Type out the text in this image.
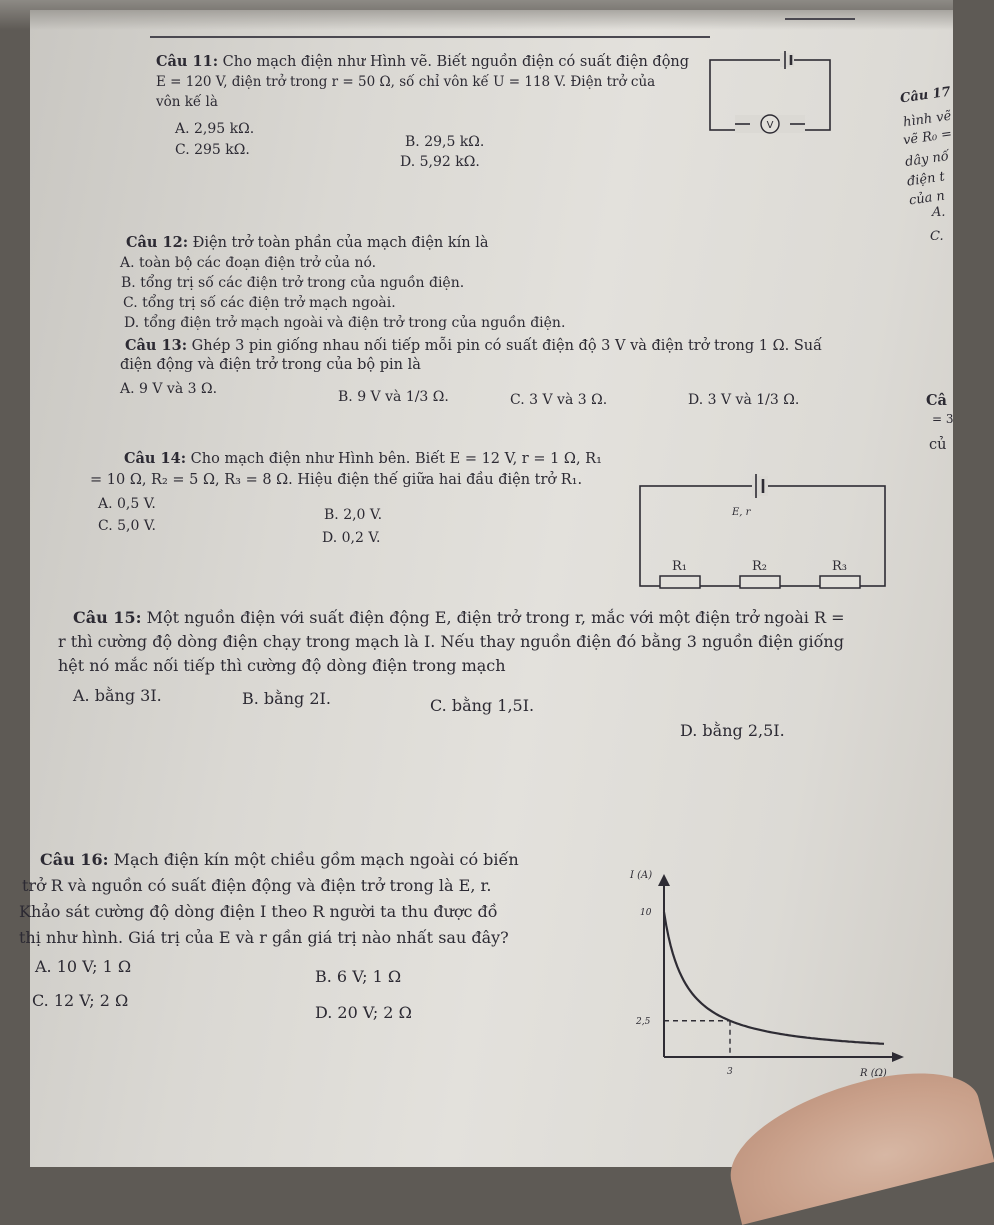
Câu 11: Cho mạch điện như Hình vẽ. Biết nguồn điện có suất điện động
E = 120 V, điện trở trong r = 50 Ω, số chỉ vôn kế U = 118 V. Điện trở của
vôn kế là
A. 2,95 kΩ.
B. 29,5 kΩ.
C. 295 kΩ.
D. 5,92 kΩ.
V
Câu 12: Điện trở toàn phần của mạch điện kín là
A. toàn bộ các đoạn điện trở của nó.
B. tổng trị số các điện trở trong của nguồn điện.
C. tổng trị số các điện trở mạch ngoài.
D. tổng điện trở mạch ngoài và điện trở trong của nguồn điện.
Câu 13: Ghép 3 pin giống nhau nối tiếp mỗi pin có suất điện độ 3 V và điện trở trong 1 Ω. Suấ
điện động và điện trở trong của bộ pin là
A. 9 V và 3 Ω.	B. 9 V và 1/3 Ω.	C. 3 V và 3 Ω.	D. 3 V và 1/3 Ω.
Câu 14: Cho mạch điện như Hình bên. Biết E = 12 V, r = 1 Ω, R₁
= 10 Ω, R₂ = 5 Ω, R₃ = 8 Ω. Hiệu điện thế giữa hai đầu điện trở R₁.
A. 0,5 V.
B. 2,0 V.
C. 5,0 V.
D. 0,2 V.
E, r
R₁	R₂	R₃
Câu 15: Một nguồn điện với suất điện động E, điện trở trong r, mắc với một điện trở ngoài R =
r thì cường độ dòng điện chạy trong mạch là I. Nếu thay nguồn điện đó bằng 3 nguồn điện giống
hệt nó mắc nối tiếp thì cường độ dòng điện trong mạch
A. bằng 3I.	B. bằng 2I.	C. bằng 1,5I.
D. bằng 2,5I.
Câu 16: Mạch điện kín một chiều gồm mạch ngoài có biến
trở R và nguồn có suất điện động và điện trở trong là E, r.
Khảo sát cường độ dòng điện I theo R người ta thu được đồ
thị như hình. Giá trị của E và r gần giá trị nào nhất sau đây?
A. 10 V; 1 Ω
B. 6 V; 1 Ω
C. 12 V; 2 Ω
D. 20 V; 2 Ω
I (A)
R (Ω)
10
2,5
3
Câu 17
hình vẽ
vẽ R₀ =
dây nố
điện t
của n
A.
C.
Câ
= 3
củ
